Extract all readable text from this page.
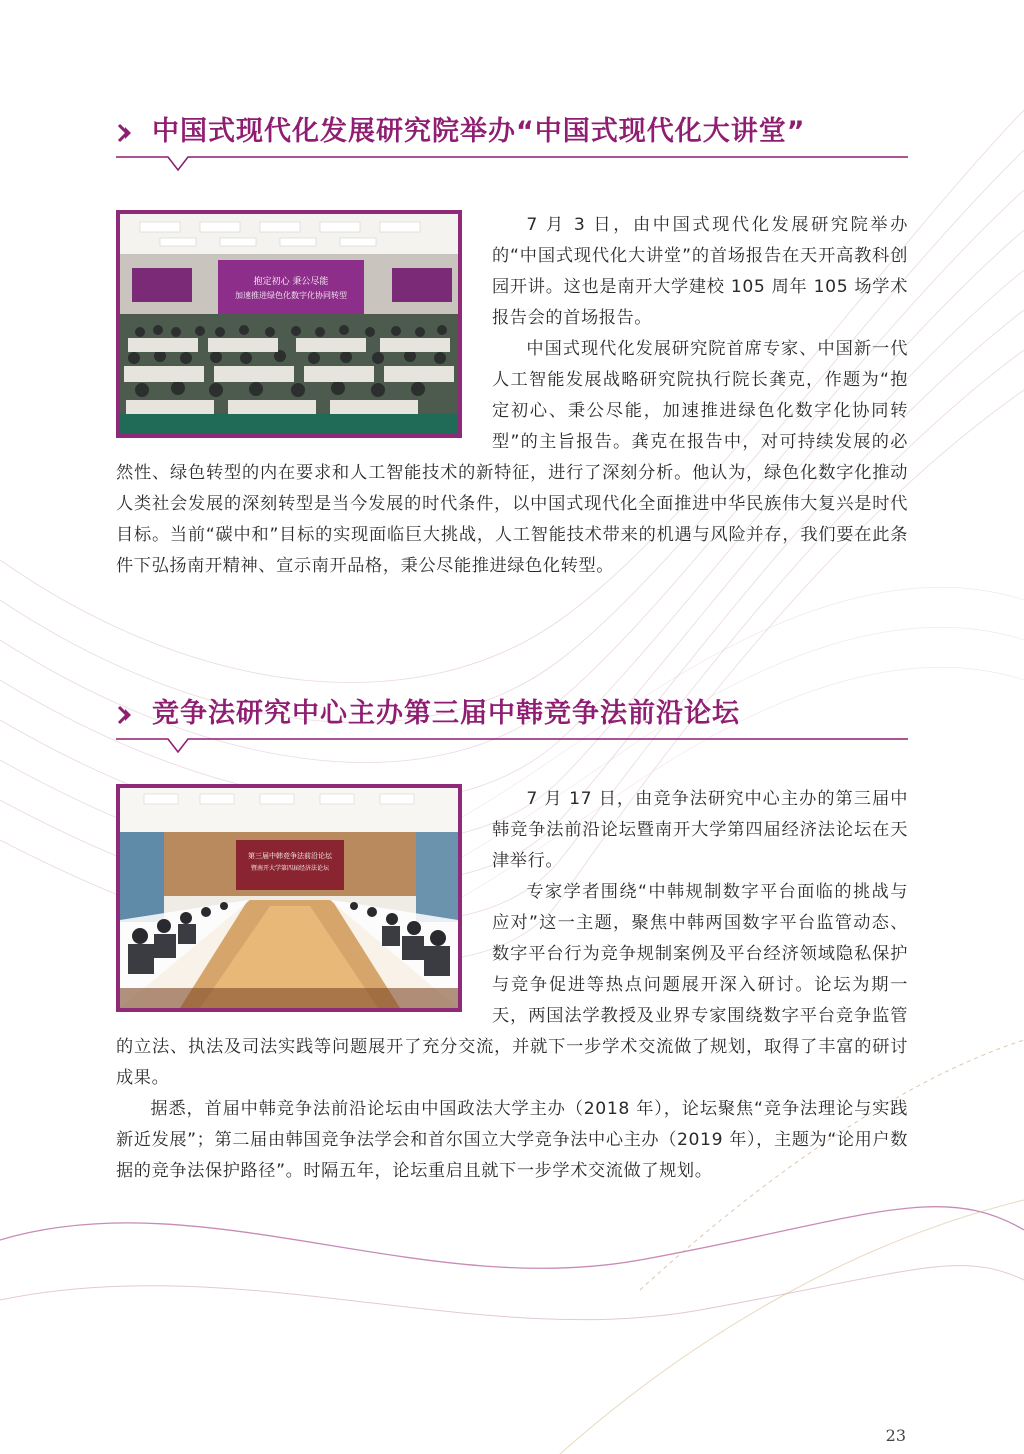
中国式现代化发展研究院举办“中国式现代化大讲堂”
抱定初心 秉公尽能
加速推进绿色化数字化协同转型

7 月 3 日，由中国式现代化发展研究院举办的“中国式现代化大讲堂”的首场报告在天开高教科创园开讲。这也是南开大学建校 105 周年 105 场学术报告会的首场报告。

中国式现代化发展研究院首席专家、中国新一代人工智能发展战略研究院执行院长龚克，作题为“抱定初心、秉公尽能，加速推进绿色化数字化协同转型”的主旨报告。龚克在报告中，对可持续发展的必然性、绿色转型的内在要求和人工智能技术的新特征，进行了深刻分析。他认为，绿色化数字化推动人类社会发展的深刻转型是当今发展的时代条件，以中国式现代化全面推进中华民族伟大复兴是时代目标。当前“碳中和”目标的实现面临巨大挑战，人工智能技术带来的机遇与风险并存，我们要在此条件下弘扬南开精神、宣示南开品格，秉公尽能推进绿色化转型。

竞争法研究中心主办第三届中韩竞争法前沿论坛
第三届中韩竞争法前沿论坛
暨南开大学第四届经济法论坛

7 月 17 日，由竞争法研究中心主办的第三届中韩竞争法前沿论坛暨南开大学第四届经济法论坛在天津举行。

专家学者围绕“中韩规制数字平台面临的挑战与应对”这一主题，聚焦中韩两国数字平台监管动态、数字平台行为竞争规制案例及平台经济领域隐私保护与竞争促进等热点问题展开深入研讨。论坛为期一天，两国法学教授及业界专家围绕数字平台竞争监管的立法、执法及司法实践等问题展开了充分交流，并就下一步学术交流做了规划，取得了丰富的研讨成果。

据悉，首届中韩竞争法前沿论坛由中国政法大学主办（2018 年），论坛聚焦“竞争法理论与实践新近发展”；第二届由韩国竞争法学会和首尔国立大学竞争法中心主办（2019 年），主题为“论用户数据的竞争法保护路径”。时隔五年，论坛重启且就下一步学术交流做了规划。

23
